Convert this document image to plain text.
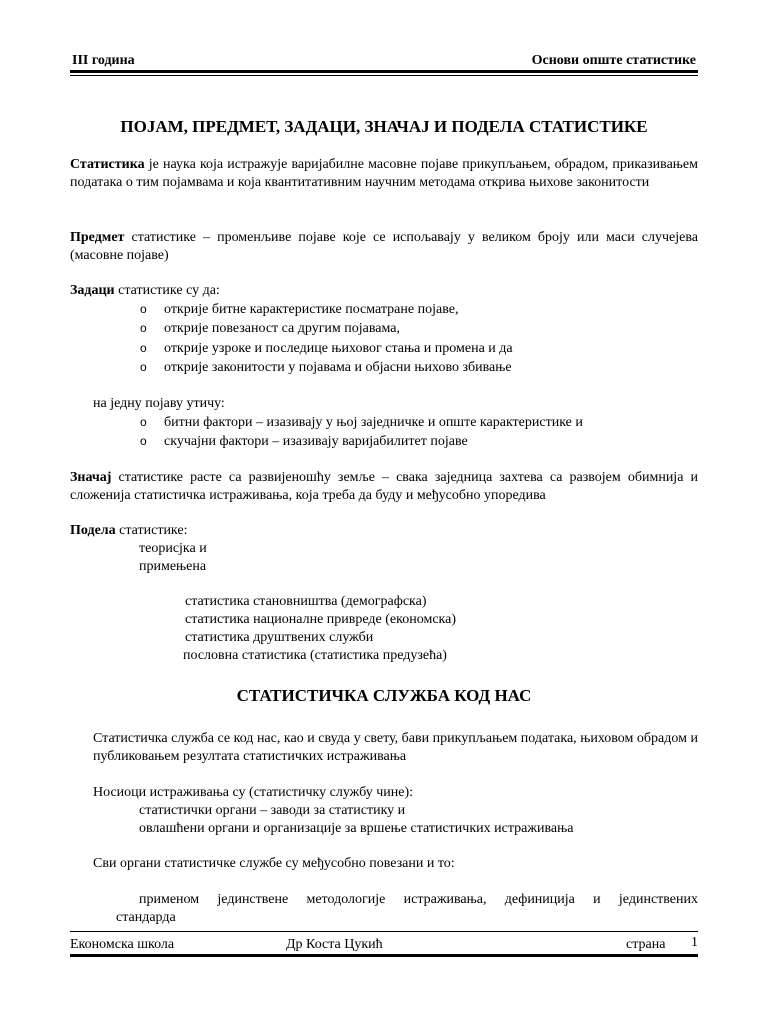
III година	Основи опште статистике
ПОЈАМ, ПРЕДМЕТ, ЗАДАЦИ, ЗНАЧАЈ И ПОДЕЛА СТАТИСТИКЕ
Статистика је наука која истражује варијабилне масовне појаве прикупљањем, обрадом, приказивањем података о тим појамвама и која квантитативним научним методама открива њихове законитости
Предмет статистике – променљиве појаве које се испољавају у великом броју или маси случејева (масовне појаве)
Задаци статистике су да:
o открије битне карактеристике посматране појаве,
o открије повезаност са другим појавама,
o открије узроке и последице њиховог стања и промена и да
o открије законитости у појавама и објасни њихово збивање
на једну појаву утичу:
o битни фактори – изазивају у њој заједничке и опште карактеристике и
o скучајни фактори – изазивају варијабилитет појаве
Значај статистике расте са развијеношћу земље – свака заједница захтева са развојем обимнија и сложенија статистичка истраживања, која треба да буду и међусобно упоредива
Подела статистике:
теорисјка и
примењена
статистика становништва (демографска)
статистика националне привреде (економска)
статистика друштвених служби
пословна статистика (статистика предузећа)
СТАТИСТИЧКА СЛУЖБА КОД НАС
Статистичка служба се код нас, као и свуда у свету, бави прикупљањем података, њиховом обрадом и публиковањем резултата статистичких истраживања
Носиоци истраживања су (статистичку службу чине):
статистички органи – заводи за статистику и
овлашћени органи и организације за вршење статистичких истраживања
Сви органи статистичке службе су међусобно повезани и то:
применом јединствене методологије истраживања, дефиниција и јединствених
стандарда
Економска школа	Др Коста Цукић	страна 1
